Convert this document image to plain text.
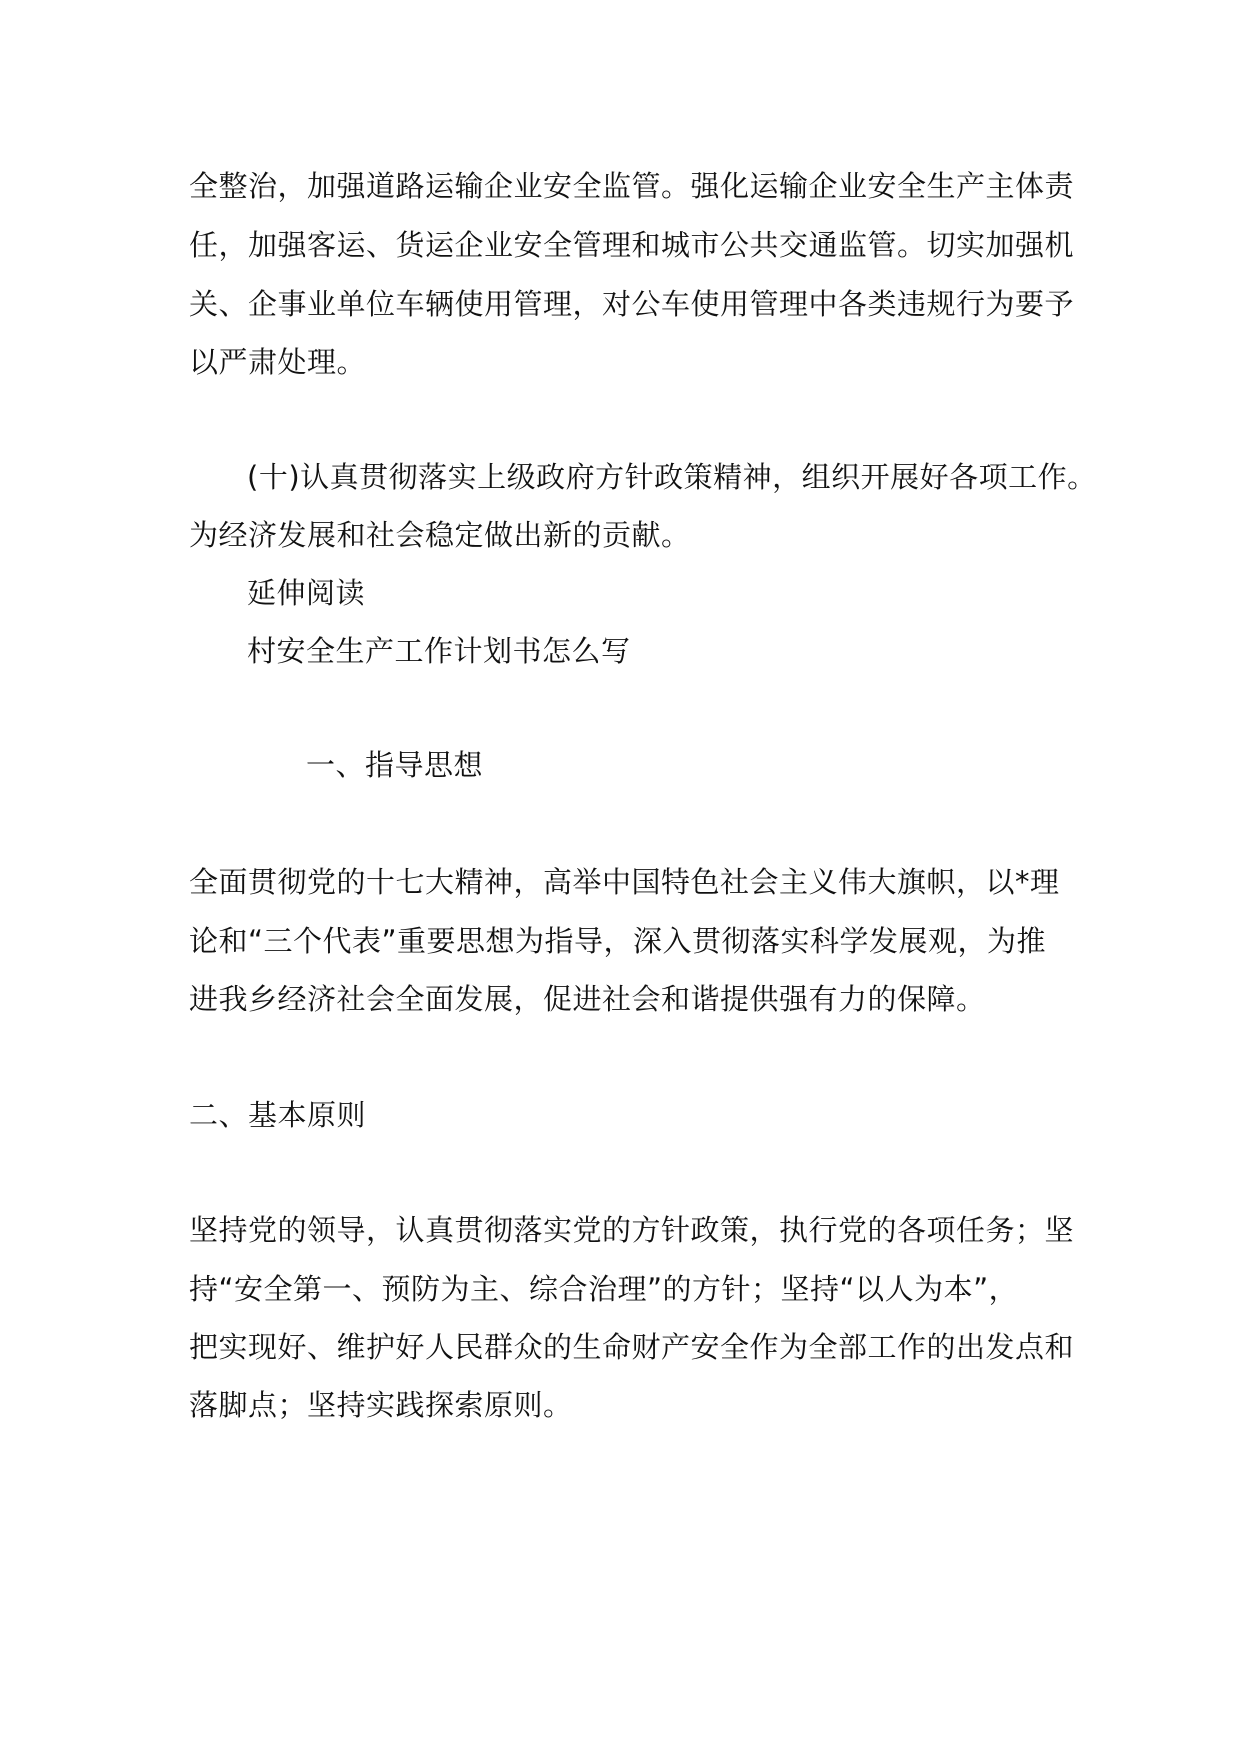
全整治，加强道路运输企业安全监管。强化运输企业安全生产主体责

任，加强客运、货运企业安全管理和城市公共交通监管。切实加强机

关、企事业单位车辆使用管理，对公车使用管理中各类违规行为要予

以严肃处理。

(十)认真贯彻落实上级政府方针政策精神，组织开展好各项工作。

为经济发展和社会稳定做出新的贡献。

延伸阅读

村安全生产工作计划书怎么写

一、指导思想

全面贯彻党的十七大精神，高举中国特色社会主义伟大旗帜，以*理

论和“三个代表”重要思想为指导，深入贯彻落实科学发展观，为推

进我乡经济社会全面发展，促进社会和谐提供强有力的保障。

二、基本原则

坚持党的领导，认真贯彻落实党的方针政策，执行党的各项任务；坚

持“安全第一、预防为主、综合治理”的方针；坚持“以人为本”，

把实现好、维护好人民群众的生命财产安全作为全部工作的出发点和

落脚点；坚持实践探索原则。
